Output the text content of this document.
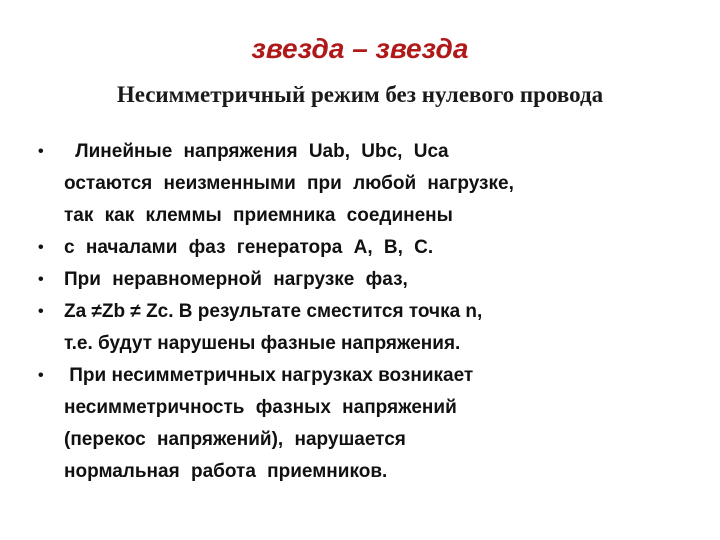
звезда – звезда
Несимметричный режим без нулевого провода
• Линейные напряжения Uab, Ubc, Uca
остаются неизменными при любой нагрузке,
так как клеммы приемника соединены
• с началами фаз генератора A, B, C.
• При неравномерной нагрузке фаз,
• Za ≠Zb ≠ Zc. В результате сместится точка n,
т.е. будут нарушены фазные напряжения.
• При несимметричных нагрузках возникает
несимметричность фазных напряжений
(перекос напряжений), нарушается
нормальная работа приемников.
